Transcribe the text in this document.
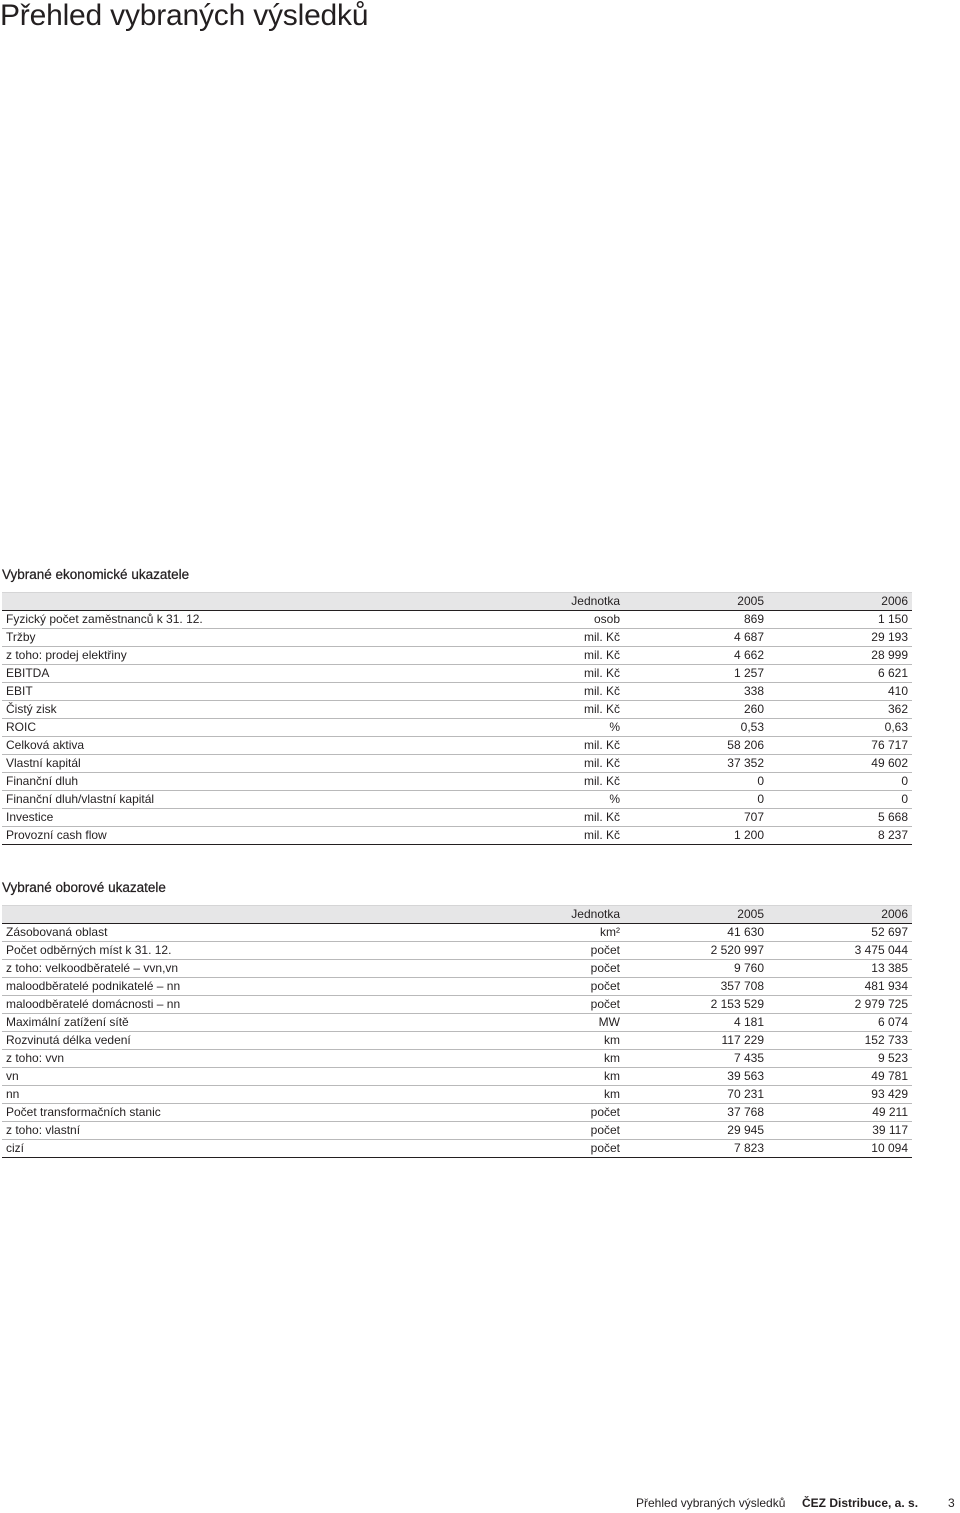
Přehled vybraných výsledků
Vybrané ekonomické ukazatele
	Jednotka	2005	2006
Fyzický počet zaměstnanců k 31. 12.	osob	869	1 150
Tržby	mil. Kč	4 687	29 193
z toho: prodej elektřiny	mil. Kč	4 662	28 999
EBITDA	mil. Kč	1 257	6 621
EBIT	mil. Kč	338	410
Čistý zisk	mil. Kč	260	362
ROIC	%	0,53	0,63
Celková aktiva	mil. Kč	58 206	76 717
Vlastní kapitál	mil. Kč	37 352	49 602
Finanční dluh	mil. Kč	0	0
Finanční dluh/vlastní kapitál	%	0	0
Investice	mil. Kč	707	5 668
Provozní cash flow	mil. Kč	1 200	8 237
Vybrané oborové ukazatele
	Jednotka	2005	2006
Zásobovaná oblast	km²	41 630	52 697
Počet odběrných míst k 31. 12.	počet	2 520 997	3 475 044
z toho: velkoodběratelé – vvn,vn	počet	9 760	13 385
maloodběratelé podnikatelé – nn	počet	357 708	481 934
maloodběratelé domácnosti – nn	počet	2 153 529	2 979 725
Maximální zatížení sítě	MW	4 181	6 074
Rozvinutá délka vedení	km	117 229	152 733
z toho: vvn	km	7 435	9 523
vn	km	39 563	49 781
nn	km	70 231	93 429
Počet transformačních stanic	počet	37 768	49 211
z toho: vlastní	počet	29 945	39 117
cizí	počet	7 823	10 094
Přehled vybraných výsledků ČEZ Distribuce, a. s. 3
